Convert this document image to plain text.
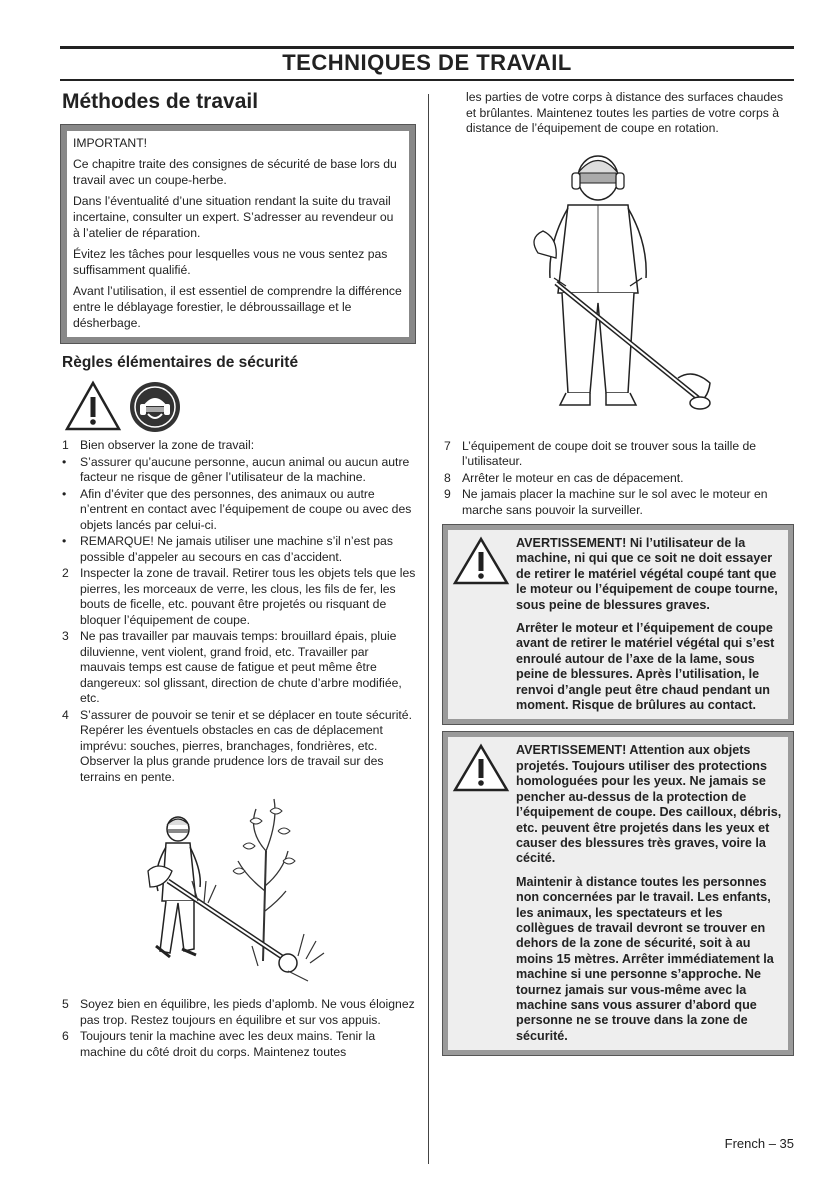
TECHNIQUES DE TRAVAIL
Méthodes de travail

IMPORTANT!

Ce chapitre traite des consignes de sécurité de base lors du travail avec un coupe-herbe.

Dans l’éventualité d’une situation rendant la suite du travail incertaine, consulter un expert. S’adresser au revendeur ou à l’atelier de réparation.

Évitez les tâches pour lesquelles vous ne vous sentez pas suffisamment qualifié.

Avant l’utilisation, il est essentiel de comprendre la différence entre le déblayage forestier, le débroussaillage et le désherbage.

Règles élémentaires de sécurité
1 Bien observer la zone de travail:
•	S’assurer qu’aucune personne, aucun animal ou aucun autre facteur ne risque de gêner l’utilisateur de la machine.
•	Afin d’éviter que des personnes, des animaux ou autre n’entrent en contact avec l’équipement de coupe ou avec des objets lancés par celui-ci.
•	REMARQUE! Ne jamais utiliser une machine s’il n’est pas possible d’appeler au secours en cas d’accident.
2 Inspecter la zone de travail. Retirer tous les objets tels que les pierres, les morceaux de verre, les clous, les fils de fer, les bouts de ficelle, etc. pouvant être projetés ou risquant de bloquer l’équipement de coupe.
3 Ne pas travailler par mauvais temps: brouillard épais, pluie diluvienne, vent violent, grand froid, etc. Travailler par mauvais temps est cause de fatigue et peut même être dangereux: sol glissant, direction de chute d’arbre modifiée, etc.
4 S’assurer de pouvoir se tenir et se déplacer en toute sécurité. Repérer les éventuels obstacles en cas de déplacement imprévu: souches, pierres, branchages, fondrières, etc. Observer la plus grande prudence lors de travail sur des terrains en pente.
5 Soyez bien en équilibre, les pieds d’aplomb. Ne vous éloignez pas trop. Restez toujours en équilibre et sur vos appuis.
6 Toujours tenir la machine avec les deux mains. Tenir la machine du côté droit du corps. Maintenez toutes

les parties de votre corps à distance des surfaces chaudes et brûlantes. Maintenez toutes les parties de votre corps à distance de l’équipement de coupe en rotation.

7 L’équipement de coupe doit se trouver sous la taille de l’utilisateur.
8 Arrêter le moteur en cas de dépacement.
9 Ne jamais placer la machine sur le sol avec le moteur en marche sans pouvoir la surveiller.

AVERTISSEMENT! Ni l’utilisateur de la machine, ni qui que ce soit ne doit essayer de retirer le matériel végétal coupé tant que le moteur ou l’équipement de coupe tourne, sous peine de blessures graves.

Arrêter le moteur et l’équipement de coupe avant de retirer le matériel végétal qui s’est enroulé autour de l’axe de la lame, sous peine de blessures. Après l’utilisation, le renvoi d’angle peut être chaud pendant un moment. Risque de brûlures au contact.

AVERTISSEMENT! Attention aux objets projetés. Toujours utiliser des protections homologuées pour les yeux. Ne jamais se pencher au-dessus de la protection de l’équipement de coupe. Des cailloux, débris, etc. peuvent être projetés dans les yeux et causer des blessures très graves, voire la cécité.

Maintenir à distance toutes les personnes non concernées par le travail. Les enfants, les animaux, les spectateurs et les collègues de travail devront se trouver en dehors de la zone de sécurité, soit à au moins 15 mètres. Arrêter immédiatement la machine si une personne s’approche. Ne tournez jamais sur vous-même avec la machine sans vous assurer d’abord que personne ne se trouve dans la zone de sécurité.

French – 35
